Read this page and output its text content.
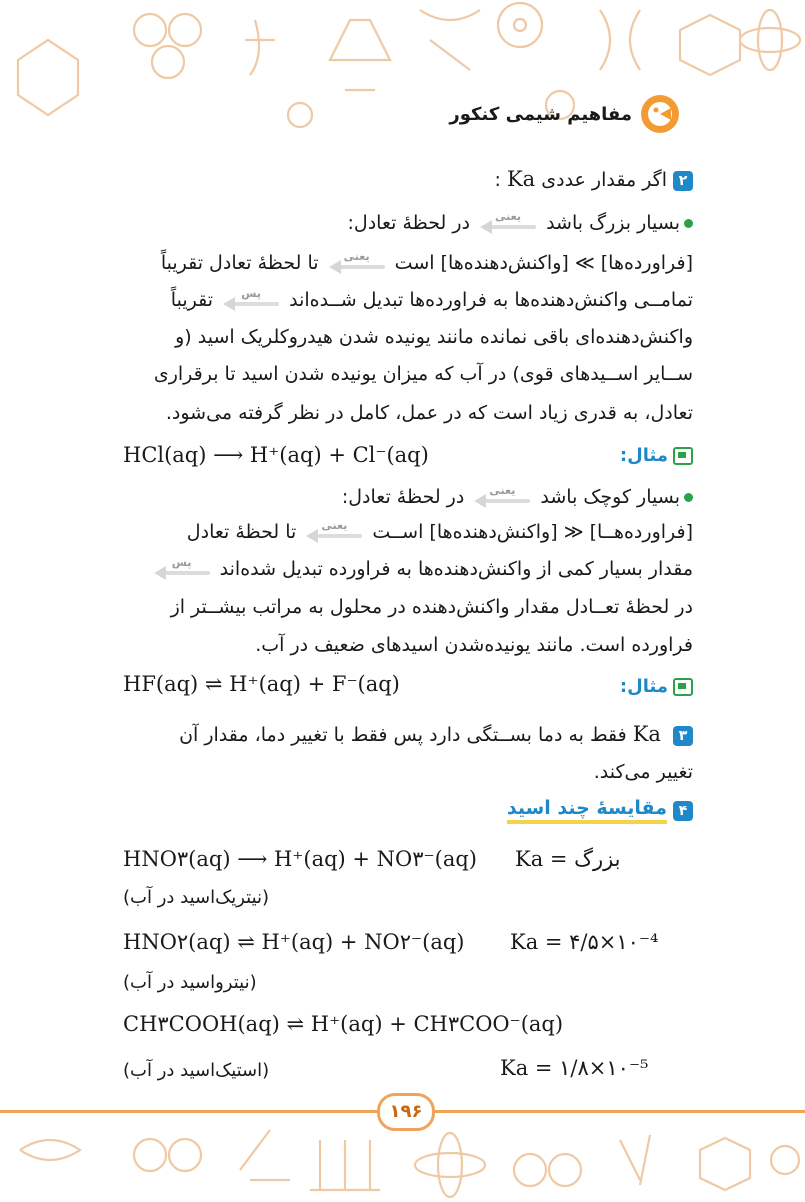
مفاهیم شیمی کنکور
۲اگر مقدار عددی Ka :
بسیار بزرگ باشد
یعنی
در لحظهٔ تعادل:
[فراورده‌ها] ≫ [واکنش‌دهنده‌ها] است
یعنی
تا لحظهٔ تعادل تقریباً
تمامــی واکنش‌دهنده‌ها به فراورده‌ها تبدیل شــده‌اند
پس
تقریباً
واکنش‌دهنده‌ای باقی نمانده مانند یونیده شدن هیدروکلریک اسید (و
ســایر اســیدهای قوی) در آب که میزان یونیده شدن اسید تا برقراری
تعادل، به قدری زیاد است که در عمل، کامل در نظر گرفته می‌شود.
مثال:
HCl(aq) ⟶ H⁺(aq) + Cl⁻(aq)
بسیار کوچک باشد
یعنی
در لحظهٔ تعادل:
[فراورده‌هــا] ≪ [واکنش‌دهنده‌ها] اســت
یعنی
تا لحظهٔ تعادل
مقدار بسیار کمی از واکنش‌دهنده‌ها به فراورده تبدیل شده‌اند
پس
در لحظهٔ تعــادل مقدار واکنش‌دهنده در محلول به مراتب بیشــتر از
فراورده است. مانند یونیده‌شدن اسیدهای ضعیف در آب.
مثال:
HF(aq) ⇌ H⁺(aq) + F⁻(aq)
۳ Ka فقط به دما بســتگی دارد پس فقط با تغییر دما، مقدار آن
تغییر می‌کند.
۴
مقایسهٔ چند اسید
HNO۳(aq) ⟶ H⁺(aq) + NO۳⁻(aq) Ka = بزرگ
(نیتریک‌اسید در آب)
HNO۲(aq) ⇌ H⁺(aq) + NO۲⁻(aq) Ka = ۴/۵×۱۰⁻⁴
(نیترواسید در آب)
CH۳COOH(aq) ⇌ H⁺(aq) + CH۳COO⁻(aq)
(استیک‌اسید در آب)	Ka = ۱/۸×۱۰⁻⁵
۱۹۶
